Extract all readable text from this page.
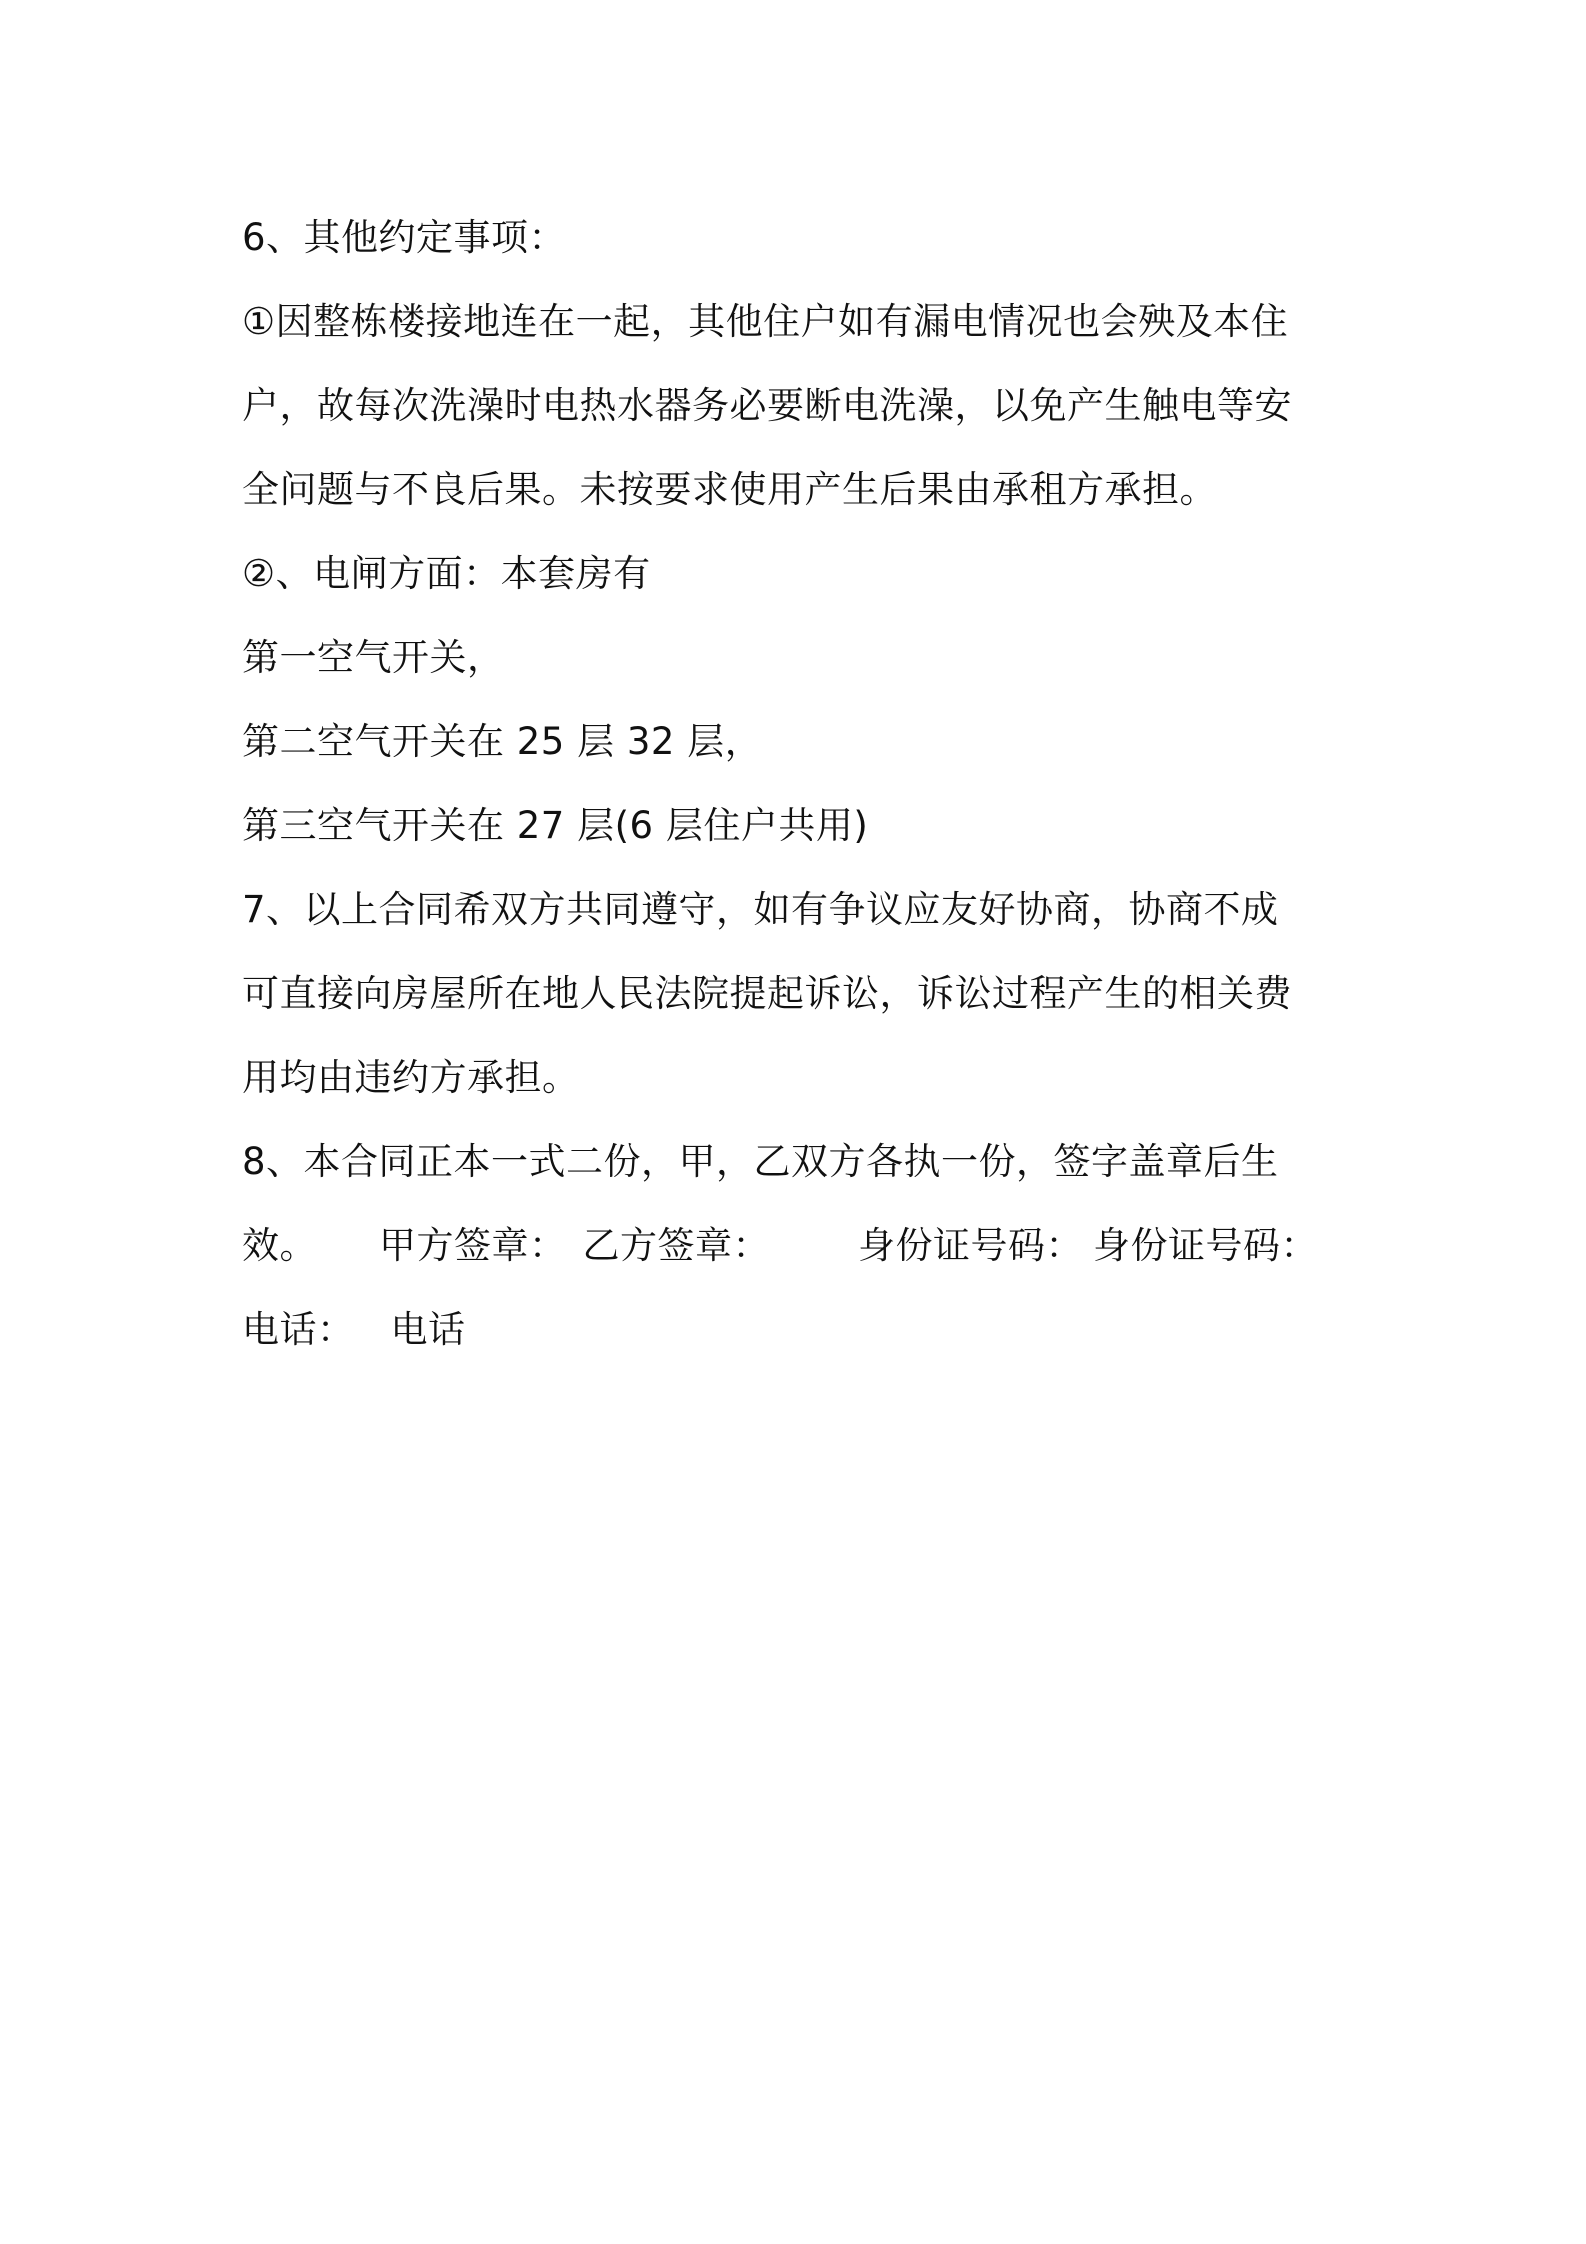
6、其他约定事项：
①因整栋楼接地连在一起，其他住户如有漏电情况也会殃及本住
户，故每次洗澡时电热水器务必要断电洗澡，以免产生触电等安
全问题与不良后果。未按要求使用产生后果由承租方承担。
②、电闸方面：本套房有
第一空气开关，
第二空气开关在 25 层 32 层，
第三空气开关在 27 层(6 层住户共用)
7、以上合同希双方共同遵守，如有争议应友好协商，协商不成
可直接向房屋所在地人民法院提起诉讼，诉讼过程产生的相关费
用均由违约方承担。
8、本合同正本一式二份，甲，乙双方各执一份，签字盖章后生
效。 甲方签章： 乙方签章： 身份证号码： 身份证号码：
电话： 电话
